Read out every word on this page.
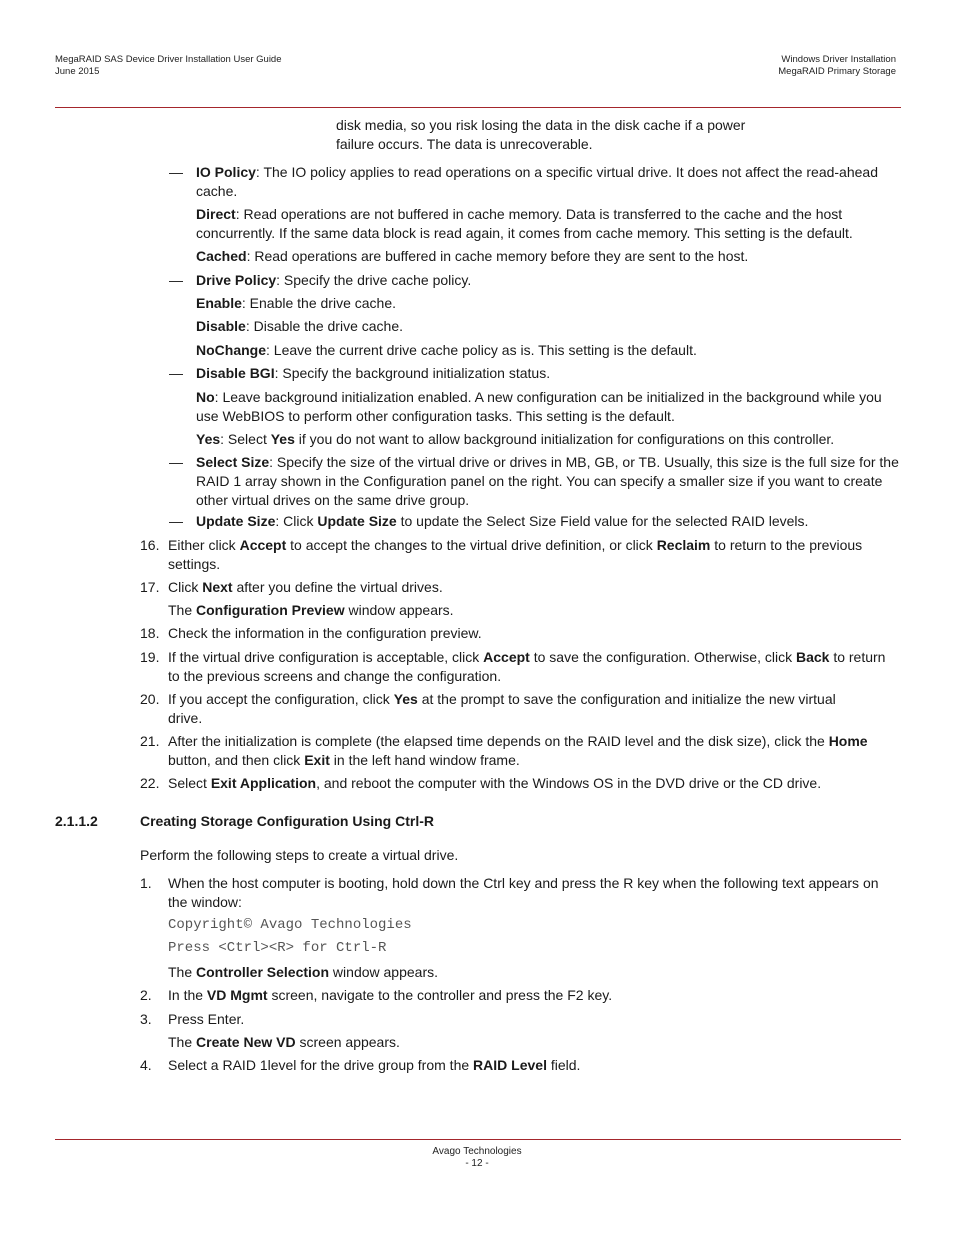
MegaRAID SAS Device Driver Installation User Guide
June 2015
Windows Driver Installation
MegaRAID Primary Storage

disk media, so you risk losing the data in the disk cache if a power failure occurs. The data is unrecoverable.

— IO Policy: The IO policy applies to read operations on a specific virtual drive. It does not affect the read-ahead cache.

Direct: Read operations are not buffered in cache memory. Data is transferred to the cache and the host concurrently. If the same data block is read again, it comes from cache memory. This setting is the default.

Cached: Read operations are buffered in cache memory before they are sent to the host.

— Drive Policy: Specify the drive cache policy.

Enable: Enable the drive cache.

Disable: Disable the drive cache.

NoChange: Leave the current drive cache policy as is. This setting is the default.

— Disable BGI: Specify the background initialization status.

No: Leave background initialization enabled. A new configuration can be initialized in the background while you use WebBIOS to perform other configuration tasks. This setting is the default.

Yes: Select Yes if you do not want to allow background initialization for configurations on this controller.

— Select Size: Specify the size of the virtual drive or drives in MB, GB, or TB. Usually, this size is the full size for the RAID 1 array shown in the Configuration panel on the right. You can specify a smaller size if you want to create other virtual drives on the same drive group.

— Update Size: Click Update Size to update the Select Size Field value for the selected RAID levels.

16. Either click Accept to accept the changes to the virtual drive definition, or click Reclaim to return to the previous settings.

17. Click Next after you define the virtual drives.

The Configuration Preview window appears.

18. Check the information in the configuration preview.

19. If the virtual drive configuration is acceptable, click Accept to save the configuration. Otherwise, click Back to return to the previous screens and change the configuration.

20. If you accept the configuration, click Yes at the prompt to save the configuration and initialize the new virtual drive.

21. After the initialization is complete (the elapsed time depends on the RAID level and the disk size), click the Home button, and then click Exit in the left hand window frame.

22. Select Exit Application, and reboot the computer with the Windows OS in the DVD drive or the CD drive.

2.1.1.2	Creating Storage Configuration Using Ctrl-R

Perform the following steps to create a virtual drive.

1.	When the host computer is booting, hold down the Ctrl key and press the R key when the following text appears on the window:

Copyright© Avago Technologies

Press <Ctrl><R> for Ctrl-R

The Controller Selection window appears.

2.	In the VD Mgmt screen, navigate to the controller and press the F2 key.

3.	Press Enter.

The Create New VD screen appears.

4.	Select a RAID 1level for the drive group from the RAID Level field.

Avago Technologies
- 12 -
